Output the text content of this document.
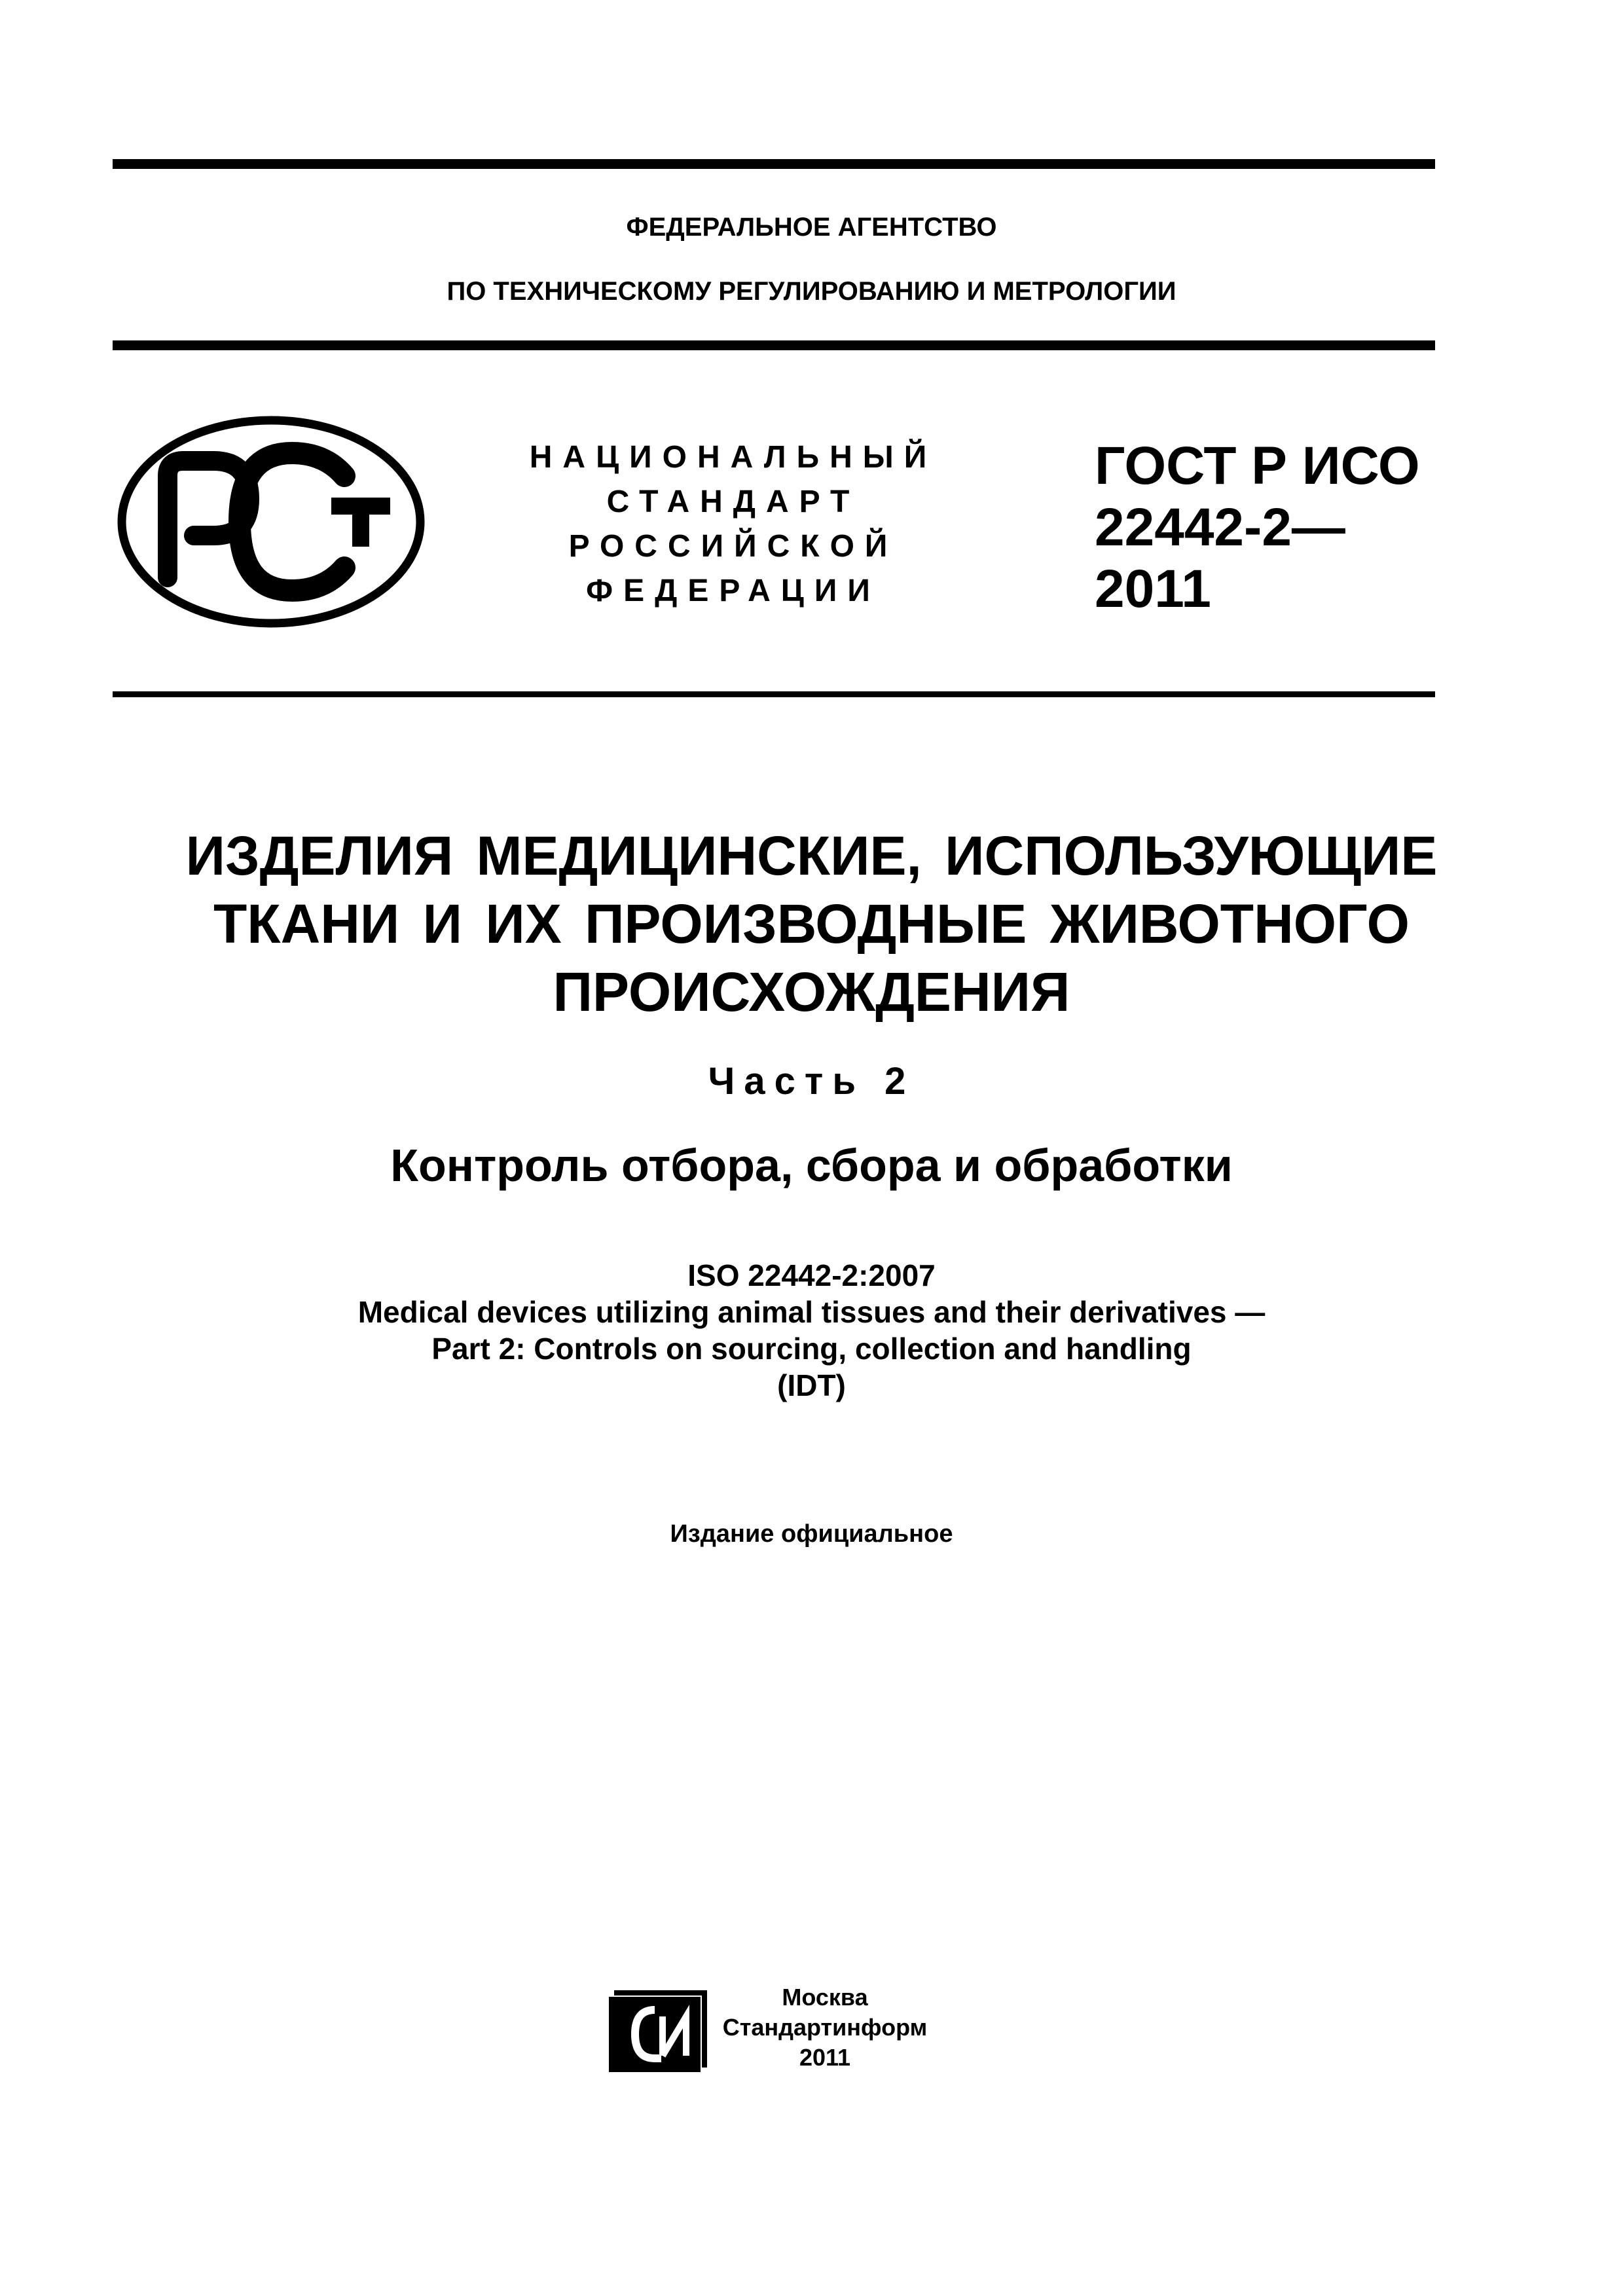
ФЕДЕРАЛЬНОЕ АГЕНТСТВО
ПО ТЕХНИЧЕСКОМУ РЕГУЛИРОВАНИЮ И МЕТРОЛОГИИ
НАЦИОНАЛЬНЫЙ
СТАНДАРТ
РОССИЙСКОЙ
ФЕДЕРАЦИИ
ГОСТ Р ИСО
22442-2—
2011
ИЗДЕЛИЯ МЕДИЦИНСКИЕ, ИСПОЛЬЗУЮЩИЕ
ТКАНИ И ИХ ПРОИЗВОДНЫЕ ЖИВОТНОГО
ПРОИСХОЖДЕНИЯ
Часть 2
Контроль отбора, сбора и обработки
ISO 22442-2:2007
Medical devices utilizing animal tissues and their derivatives —
Part 2: Controls on sourcing, collection and handling
(IDT)
Издание официальное
Москва
Стандартинформ
2011
